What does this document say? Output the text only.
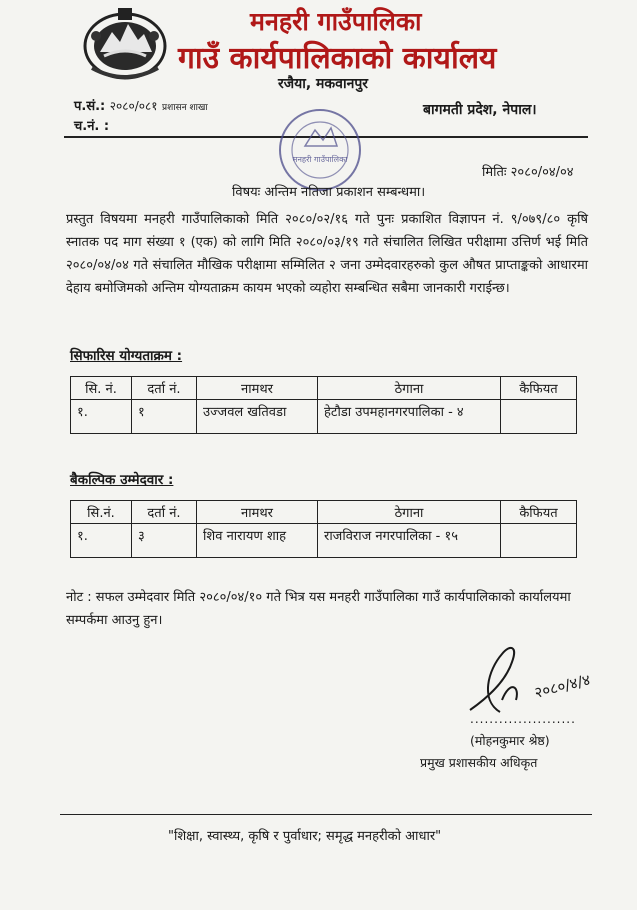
मनहरी गाउँपालिका
गाउँ कार्यपालिकाको कार्यालय
रजैया, मकवानपुर
प.सं.: २०८०/०८१ प्रशासन शाखा
च.नं. :
बागमती प्रदेश, नेपाल।
मनहरी गाउँपालिका
मितिः २०८०/०४/०४
विषयः अन्तिम नतिजा प्रकाशन सम्बन्धमा।
प्रस्तुत विषयमा मनहरी गाउँपालिकाको मिति २०८०/०२/१६ गते पुनः प्रकाशित विज्ञापन नं. ९/०७९/८० कृषि स्नातक पद माग संख्या १ (एक) को लागि मिति २०८०/०३/१९ गते संचालित लिखित परीक्षामा उत्तिर्ण भई मिति २०८०/०४/०४ गते संचालित मौखिक परीक्षामा सम्मिलित २ जना उम्मेदवारहरुको कुल औषत प्राप्ताङ्कको आधारमा देहाय बमोजिमको अन्तिम योग्यताक्रम कायम भएको व्यहोरा सम्बन्धित सबैमा जानकारी गराईन्छ।
सिफारिस योग्यताक्रम :
सि. नं.	दर्ता नं.	नामथर	ठेगाना	कैफियत
१.	१	उज्जवल खतिवडा	हेटौडा उपमहानगरपालिका - ४	
बैकल्पिक उम्मेदवार :
सि.नं.	दर्ता नं.	नामथर	ठेगाना	कैफियत
१.	३	शिव नारायण शाह	राजविराज नगरपालिका - १५	
नोट : सफल उम्मेदवार मिति २०८०/०४/१० गते भित्र यस मनहरी गाउँपालिका गाउँ कार्यपालिकाको कार्यालयमा सम्पर्कमा आउनु हुन।
२०८०/४/४
......................
(मोहनकुमार श्रेष्ठ)
प्रमुख प्रशासकीय अधिकृत
"शिक्षा, स्वास्थ्य, कृषि र पुर्वाधार; समृद्ध मनहरीको आधार"
